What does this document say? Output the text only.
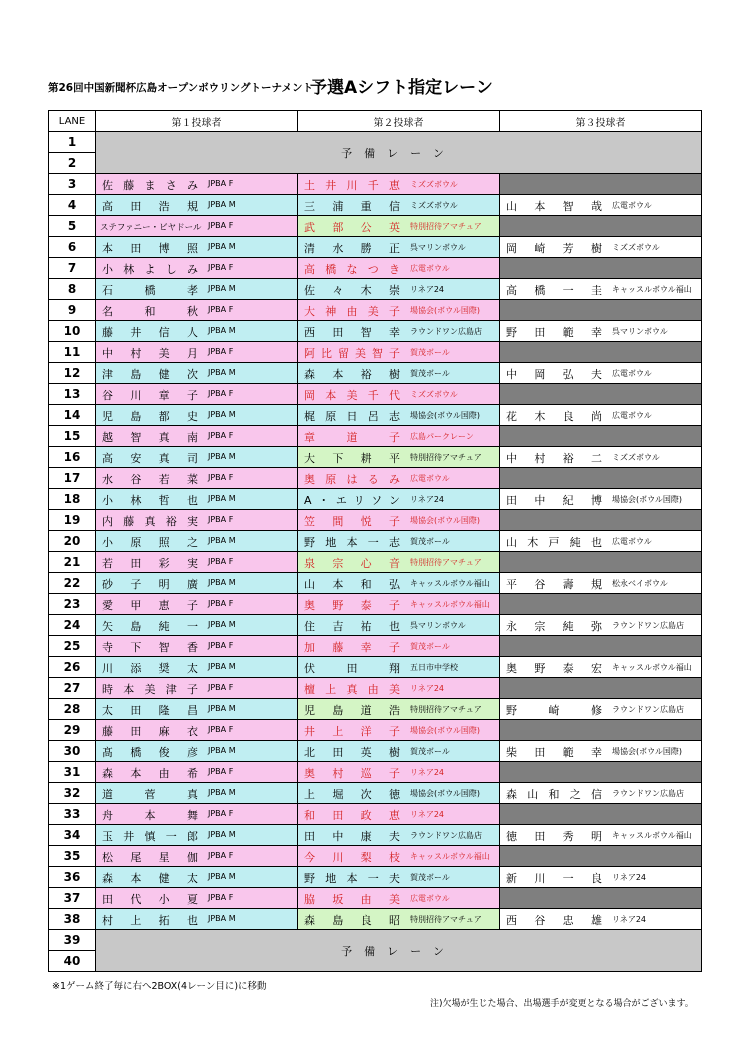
第26回中国新聞杯広島オープンボウリングトーナメント
予選Aシフト指定レーン
LANE	第１投球者	第２投球者	第３投球者
1	予備レーン		
2			
3	佐藤まさみ JPBA F	土井川千恵 ミズズボウル	

4	高田浩規 JPBA M	三浦重信 ミズズボウル	山本智哉 広電ボウル

5	ステファニー・ビヤドール JPBA F	武部公英 特別招待アマチュア	

6	本田博照 JPBA M	清水勝正 呉マリンボウル	岡崎芳樹 ミズズボウル

7	小林よしみ JPBA F	高橋なつき 広電ボウル	

8	石橋孝 JPBA M	佐々木崇 リネア24	高橋一圭 キャッスルボウル福山

9	名和秋 JPBA F	大神由美子 場協会(ボウル国際)	

10	藤井信人 JPBA M	西田智幸 ラウンドワン広島店	野田範幸 呉マリンボウル

11	中村美月 JPBA F	阿比留美智子 賀茂ボール	

12	津島健次 JPBA M	森本裕樹 賀茂ボール	中岡弘夫 広電ボウル

13	谷川章子 JPBA F	岡本美千代 ミズズボウル	

14	児島都史 JPBA M	梶原日呂志 場協会(ボウル国際)	花木良尚 広電ボウル

15	越智真南 JPBA F	章道子 広島パークレーン	

16	高安真司 JPBA M	大下耕平 特別招待アマチュア	中村裕二 ミズズボウル

17	水谷若菜 JPBA F	奥原はるみ 広電ボウル	

18	小林哲也 JPBA M	A・エリソン リネア24	田中紀博 場協会(ボウル国際)

19	内藤真裕実 JPBA F	笠間悦子 場協会(ボウル国際)	

20	小原照之 JPBA M	野地本一志 賀茂ボール	山木戸純也 広電ボウル

21	若田彩実 JPBA F	泉宗心音 特別招待アマチュア	

22	砂子明廣 JPBA M	山本和弘 キャッスルボウル福山	平谷壽規 松永ベイボウル

23	愛甲恵子 JPBA F	奥野泰子 キャッスルボウル福山	

24	矢島純一 JPBA M	住吉祐也 呉マリンボウル	永宗純弥 ラウンドワン広島店

25	寺下智香 JPBA F	加藤幸子 賀茂ボール	

26	川添奨太 JPBA M	伏田翔 五日市中学校	奥野泰宏 キャッスルボウル福山

27	時本美津子 JPBA F	檀上真由美 リネア24	

28	太田隆昌 JPBA M	児島道浩 特別招待アマチュア	野崎修 ラウンドワン広島店

29	藤田麻衣 JPBA F	井上洋子 場協会(ボウル国際)	

30	髙橋俊彦 JPBA M	北田英樹 賀茂ボール	柴田範幸 場協会(ボウル国際)

31	森本由希 JPBA F	奥村巡子 リネア24	

32	道菅真 JPBA M	上堀次徳 場協会(ボウル国際)	森山和之信 ラウンドワン広島店

33	舟本舞 JPBA F	和田政恵 リネア24	

34	玉井慎一郎 JPBA M	田中康夫 ラウンドワン広島店	徳田秀明 キャッスルボウル福山

35	松尾星伽 JPBA F	今川梨枝 キャッスルボウル福山	

36	森本健太 JPBA M	野地本一夫 賀茂ボール	新川一良 リネア24

37	田代小夏 JPBA F	脇坂由美 広電ボウル	

38	村上拓也 JPBA M	森島良昭 特別招待アマチュア	西谷忠雄 リネア24

39	予備レーン		
40			
※1ゲーム終了毎に右へ2BOX(4レーン目に)に移動
注)欠場が生じた場合、出場選手が変更となる場合がございます。
